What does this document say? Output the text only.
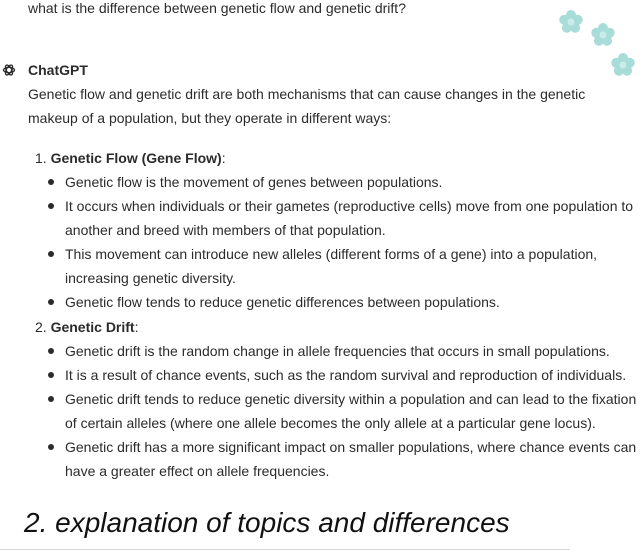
what is the difference between genetic flow and genetic drift?
ChatGPT
Genetic flow and genetic drift are both mechanisms that can cause changes in the genetic makeup of a population, but they operate in different ways:
1. Genetic Flow (Gene Flow):
Genetic flow is the movement of genes between populations.
It occurs when individuals or their gametes (reproductive cells) move from one population to another and breed with members of that population.
This movement can introduce new alleles (different forms of a gene) into a population, increasing genetic diversity.
Genetic flow tends to reduce genetic differences between populations.
2. Genetic Drift:
Genetic drift is the random change in allele frequencies that occurs in small populations.
It is a result of chance events, such as the random survival and reproduction of individuals.
Genetic drift tends to reduce genetic diversity within a population and can lead to the fixation of certain alleles (where one allele becomes the only allele at a particular gene locus).
Genetic drift has a more significant impact on smaller populations, where chance events can have a greater effect on allele frequencies.
2. explanation of topics and differences
